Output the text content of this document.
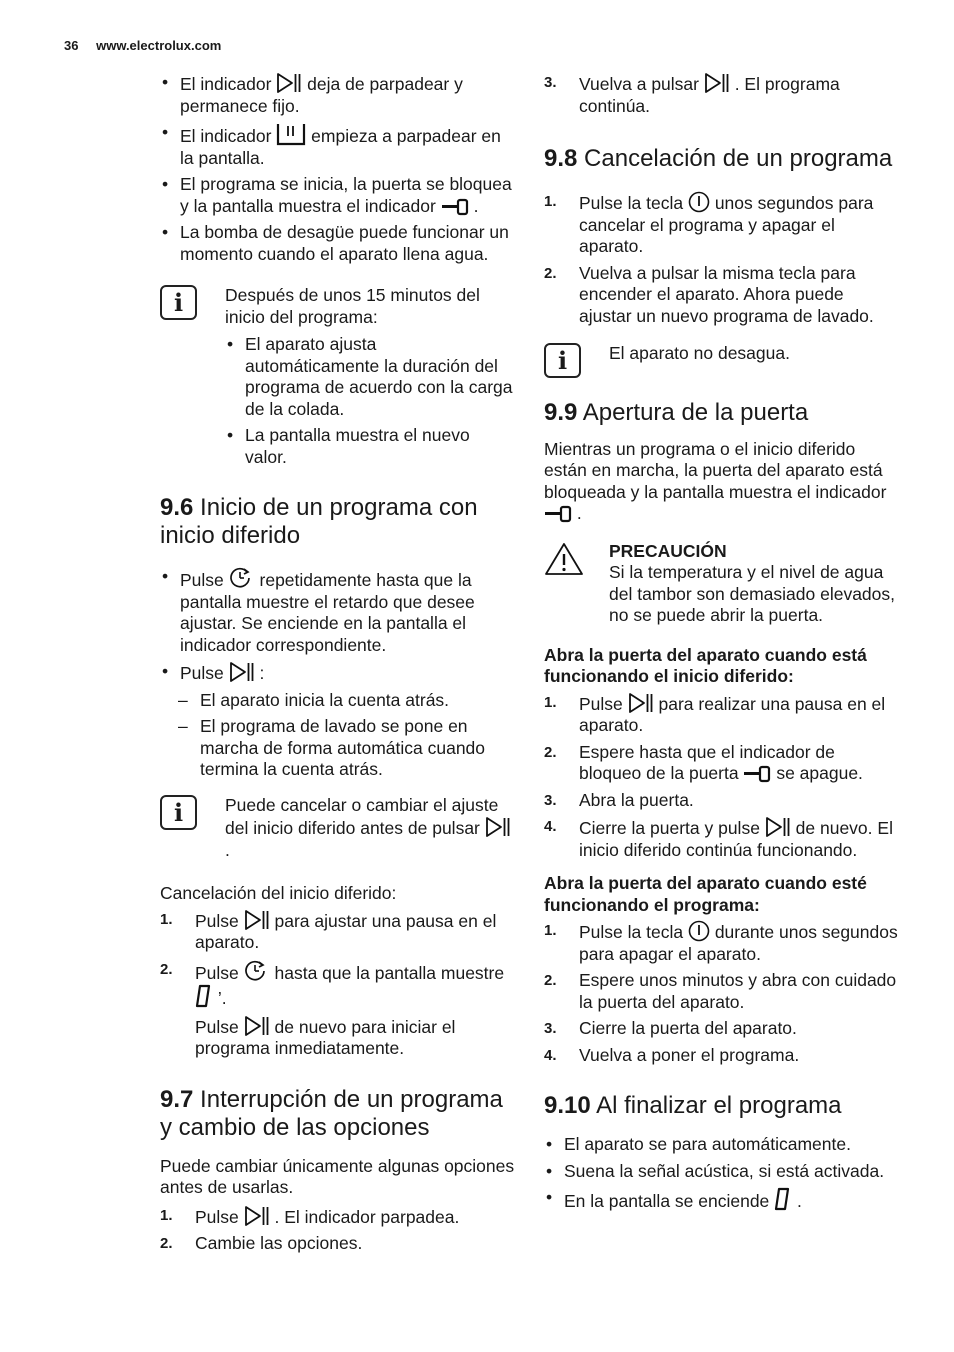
36 www.electrolux.com
• El indicador  deja de parpadear y permanece fijo.
• El indicador  empieza a parpadear en la pantalla.
• El programa se inicia, la puerta se bloquea y la pantalla muestra el indicador  .
• La bomba de desagüe puede funcionar un momento cuando el aparato llena agua.
i	Después de unos 15 minutos del inicio del programa:

• El aparato ajusta automáticamente la duración del programa de acuerdo con la carga de la colada.
• La pantalla muestra el nuevo valor.
9.6 Inicio de un programa con inicio diferido
• Pulse  repetidamente hasta que la pantalla muestre el retardo que desee ajustar. Se enciende en la pantalla el indicador correspondiente.
• Pulse  :
– El aparato inicia la cuenta atrás.
– El programa de lavado se pone en marcha de forma automática cuando termina la cuenta atrás.
i	Puede cancelar o cambiar el ajuste del inicio diferido antes de pulsar  .

Cancelación del inicio diferido:

1. Pulse  para ajustar una pausa en el aparato.
2. Pulse  hasta que la pantalla muestre  ’.

Pulse  de nuevo para iniciar el programa inmediatamente.

9.7 Interrupción de un programa y cambio de las opciones

Puede cambiar únicamente algunas opciones antes de usarlas.

1. Pulse  . El indicador parpadea.
2. Cambie las opciones.
3. Vuelva a pulsar  . El programa continúa.
9.8 Cancelación de un programa
1. Pulse la tecla  unos segundos para cancelar el programa y apagar el aparato.
2. Vuelva a pulsar la misma tecla para encender el aparato. Ahora puede ajustar un nuevo programa de lavado.
i	El aparato no desagua.

9.9 Apertura de la puerta

Mientras un programa o el inicio diferido están en marcha, la puerta del aparato está bloqueada y la pantalla muestra el indicador  .

PRECAUCIÓN

Si la temperatura y el nivel de agua del tambor son demasiado elevados, no se puede abrir la puerta.

Abra la puerta del aparato cuando está funcionando el inicio diferido:

1. Pulse  para realizar una pausa en el aparato.
2. Espere hasta que el indicador de bloqueo de la puerta  se apague.
3. Abra la puerta.
4. Cierre la puerta y pulse  de nuevo. El inicio diferido continúa funcionando.

Abra la puerta del aparato cuando esté funcionando el programa:

1. Pulse la tecla  durante unos segundos para apagar el aparato.
2. Espere unos minutos y abra con cuidado la puerta del aparato.
3. Cierre la puerta del aparato.
4. Vuelva a poner el programa.
9.10 Al finalizar el programa
• El aparato se para automáticamente.
• Suena la señal acústica, si está activada.
• En la pantalla se enciende  .
